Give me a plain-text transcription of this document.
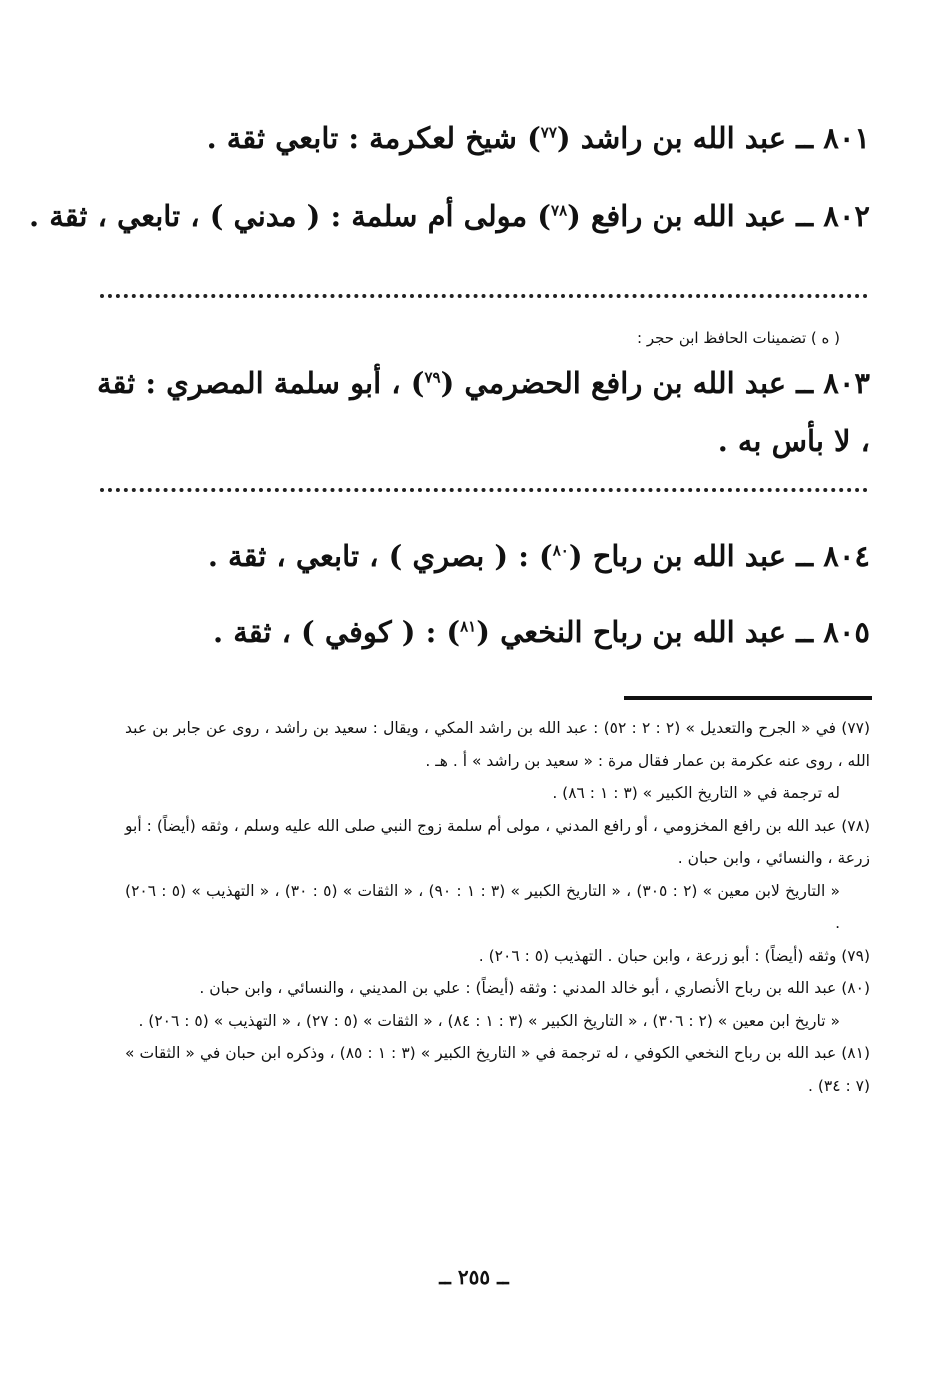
٨٠١ ــ عبد الله بن راشد ($^{٧٧}$) شيخ لعكرمة : تابعي ثقة .
٨٠٢ ــ عبد الله بن رافع ($^{٧٨}$) مولى أم سلمة : ( مدني ) ، تابعي ، ثقة .
( ه ) تضمينات الحافظ ابن حجر :
٨٠٣ ــ عبد الله بن رافع الحضرمي ($^{٧٩}$) ، أبو سلمة المصري : ثقة ، لا بأس به .
٨٠٤ ــ عبد الله بن رباح ($^{٨٠}$) : ( بصري ) ، تابعي ، ثقة .
٨٠٥ ــ عبد الله بن رباح النخعي ($^{٨١}$) : ( كوفي ) ، ثقة .

(٧٧) في « الجرح والتعديل » (٢ : ٢ : ٥٢) : عبد الله بن راشد المكي ، ويقال : سعيد بن راشد ، روى عن جابر بن عبد الله ، روى عنه عكرمة بن عمار فقال مرة : « سعيد بن راشد » أ . هـ .

له ترجمة في « التاريخ الكبير » (٣ : ١ : ٨٦) .

(٧٨) عبد الله بن رافع المخزومي ، أو رافع المدني ، مولى أم سلمة زوج النبي صلى الله عليه وسلم ، وثقه (أيضاً) : أبو زرعة ، والنسائي ، وابن حبان .

« التاريخ لابن معين » (٢ : ٣٠٥) ، « التاريخ الكبير » (٣ : ١ : ٩٠) ، « الثقات » (٥ : ٣٠) ، « التهذيب » (٥ : ٢٠٦) .

(٧٩) وثقه (أيضاً) : أبو زرعة ، وابن حبان . التهذيب (٥ : ٢٠٦) .

(٨٠) عبد الله بن رباح الأنصاري ، أبو خالد المدني : وثقه (أيضاً) : علي بن المديني ، والنسائي ، وابن حبان .

« تاريخ ابن معين » (٢ : ٣٠٦) ، « التاريخ الكبير » (٣ : ١ : ٨٤) ، « الثقات » (٥ : ٢٧) ، « التهذيب » (٥ : ٢٠٦) .

(٨١) عبد الله بن رباح النخعي الكوفي ، له ترجمة في « التاريخ الكبير » (٣ : ١ : ٨٥) ، وذكره ابن حبان في « الثقات » (٧ : ٣٤) .

ــ ٢٥٥ ــ
